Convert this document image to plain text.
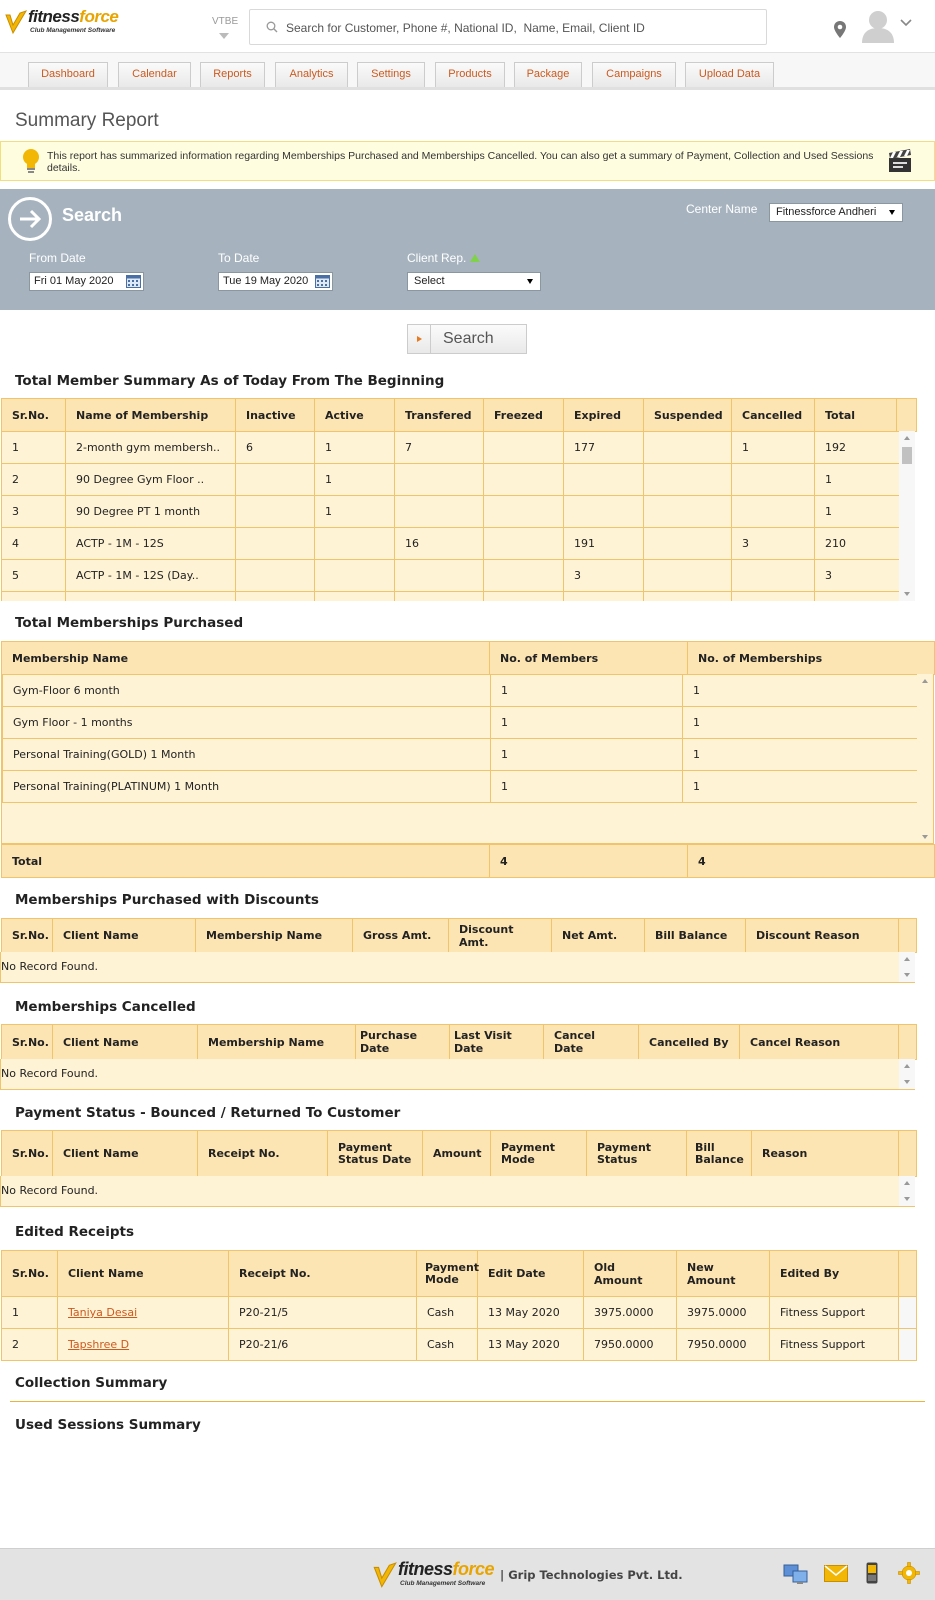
fitnessforce
Club Management Software
VTBE
Search for Customer, Phone #, National ID, Name, Email, Client ID
Dashboard	Calendar	Reports	Analytics	Settings	Products	Package	Campaigns	Upload Data
Summary Report
This report has summarized information regarding Memberships Purchased and Memberships Cancelled. You can also get a summary of Payment, Collection and Used Sessions details.
Search	Center Name	Fitnessforce Andheri
From Date
Fri 01 May 2020
To Date
Tue 19 May 2020
Client Rep.
Select
Search
Total Member Summary As of Today From The Beginning
Sr.No.	Name of Membership	Inactive	Active	Transfered	Freezed	Expired	Suspended	Cancelled	Total	
1	2-month gym membersh..	6	1	7		177		1	192
2	90 Degree Gym Floor ..		1						1
3	90 Degree PT 1 month		1						1
4	ACTP - 1M - 12S			16		191		3	210
5	ACTP - 1M - 12S (Day..					3			3

Total Memberships Purchased
Membership Name	No. of Members	No. of Memberships
Gym-Floor 6 month	1	1
Gym Floor - 1 months	1	1
Personal Training(GOLD) 1 Month	1	1
Personal Training(PLATINUM) 1 Month	1	1
Total	4	4
Memberships Purchased with Discounts
Sr.No.	Client Name	Membership Name	Gross Amt.	Discount Amt.	Net Amt.	Bill Balance	Discount Reason	
No Record Found.
Memberships Cancelled
Sr.No.	Client Name	Membership Name	Purchase Date	Last Visit Date	Cancel Date	Cancelled By	Cancel Reason	
No Record Found.
Payment Status - Bounced / Returned To Customer
Sr.No.	Client Name	Receipt No.	Payment Status Date	Amount	Payment Mode	Payment Status	Bill Balance	Reason	
No Record Found.
Edited Receipts
Sr.No.	Client Name	Receipt No.	Payment Mode	Edit Date	Old Amount	New Amount	Edited By	
1	Taniya Desai	P20-21/5	Cash	13 May 2020	3975.0000	3975.0000	Fitness Support	
2	Tapshree D	P20-21/6	Cash	13 May 2020	7950.0000	7950.0000	Fitness Support	
Collection Summary
Used Sessions Summary
fitnessforce
Club Management Software
| Grip Technologies Pvt. Ltd.
